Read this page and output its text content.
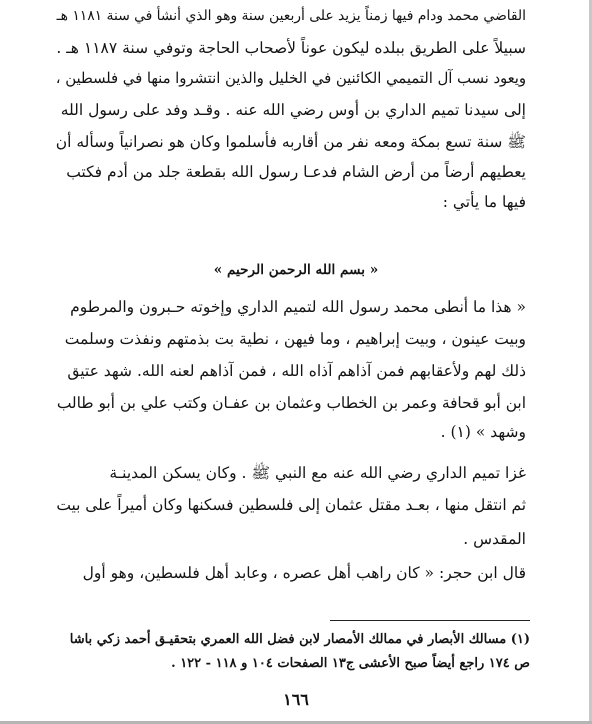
القاضي محمد ودام فيها زمناً يزيد على أربعين سنة وهو الذي أنشأ في سنة ١١٨١ هـ
سبيلاً على الطريق ببلده ليكون عوناً لأصحاب الحاجة وتوفي سنة ١١٨٧ هـ .
ويعود نسب آل التميمي الكائنين في الخليل والذين انتشروا منها في فلسطين ،
إلى سيدنا تميم الداري بن أوس رضي الله عنه . وقـد وفد على رسول الله
ﷺ سنة تسع بمكة ومعه نفر من أقاربه فأسلموا وكان هو نصرانياً وسأله أن
يعطيهم أرضاً من أرض الشام فدعـا رسول الله بقطعة جلد من أدم فكتب
فيها ما يأتي :
« بسم الله الرحمن الرحيم »
« هذا ما أنطى محمد رسول الله لتميم الداري وإخوته حـبرون والمرطوم
وبيت عينون ، وبيت إبراهيم ، وما فيهن ، نطية بت بذمتهم ونفذت وسلمت
ذلك لهم ولأعقابهم فمن آذاهم آذاه الله ، فمن آذاهم لعنه الله. شهد عتيق
ابن أبو قحافة وعمر بن الخطاب وعثمان بن عفـان وكتب علي بن أبو طالب
وشهد » (١) .
غزا تميم الداري رضي الله عنه مع النبي ﷺ . وكان يسكن المدينـة
ثم انتقل منها ، بعـد مقتل عثمان إلى فلسطين فسكنها وكان أميراً على بيت
المقدس .
قال ابن حجر: « كان راهب أهل عصره ، وعابد أهل فلسطين، وهو أول
(١) مسالك الأبصار في ممالك الأمصار لابن فضل الله العمري بتحقيـق أحمد زكي باشا
ص ١٧٤ راجع أيضاً صبح الأعشى ج١٣ الصفحات ١٠٤ و ١١٨ - ١٢٢ .
١٦٦
